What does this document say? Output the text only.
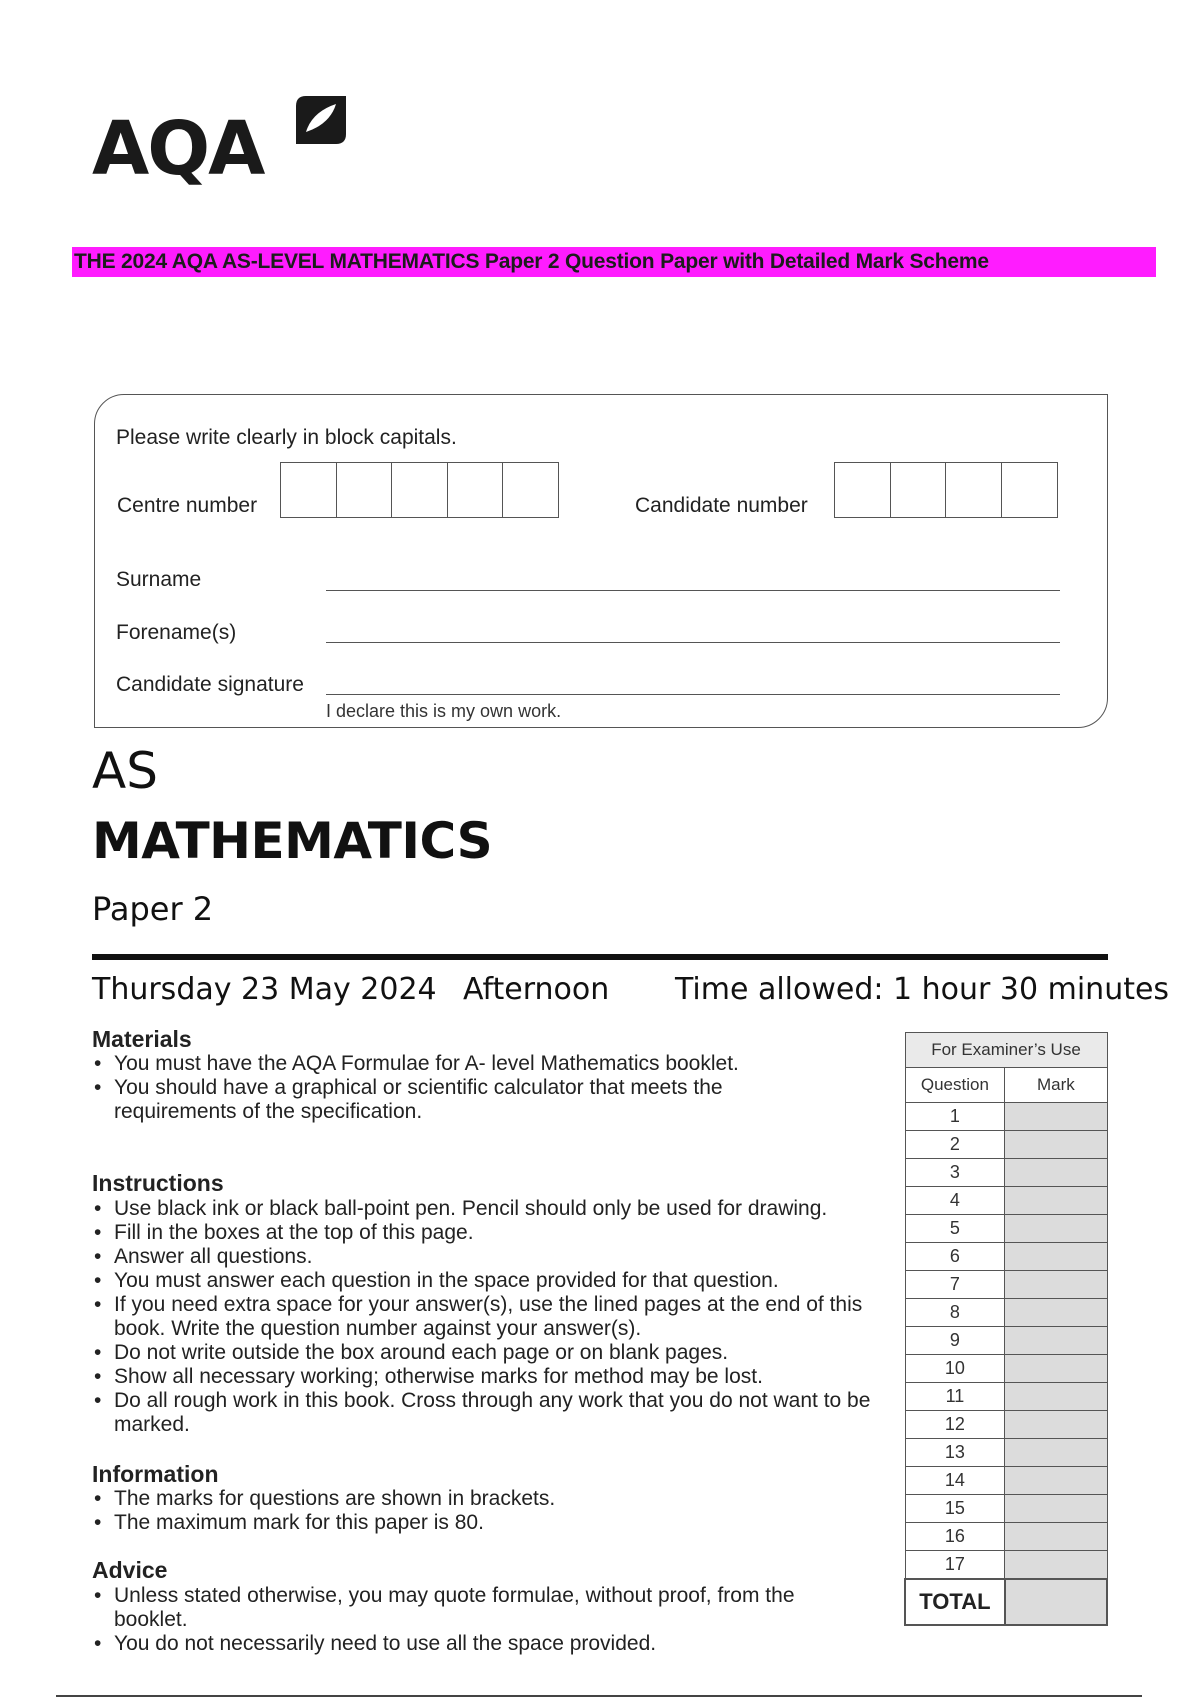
AQA
THE 2024 AQA AS-LEVEL MATHEMATICS Paper 2 Question Paper with Detailed Mark Scheme
Please write clearly in block capitals.
Centre number	Candidate number
Surname
Forename(s)
Candidate signature
I declare this is my own work.
AS
MATHEMATICS
Paper 2
Thursday 23 May 2024 Afternoon Time allowed: 1 hour 30 minutes
Materials
• You must have the AQA Formulae for A‑ level Mathematics booklet.
• You should have a graphical or scientific calculator that meets the requirements of the specification.
Instructions
• Use black ink or black ball-point pen. Pencil should only be used for drawing.
• Fill in the boxes at the top of this page.
• Answer all questions.
• You must answer each question in the space provided for that question.
• If you need extra space for your answer(s), use the lined pages at the end of this book. Write the question number against your answer(s).
• Do not write outside the box around each page or on blank pages.
• Show all necessary working; otherwise marks for method may be lost.
• Do all rough work in this book. Cross through any work that you do not want to be marked.
Information
• The marks for questions are shown in brackets.
• The maximum mark for this paper is 80.
Advice
• Unless stated otherwise, you may quote formulae, without proof, from the booklet.
• You do not necessarily need to use all the space provided.
For Examiner’s Use	
Question	Mark
1	
2	
3	
4	
5	
6	
7	
8	
9	
10	
11	
12	
13	
14	
15	
16	
17	
TOTAL	
